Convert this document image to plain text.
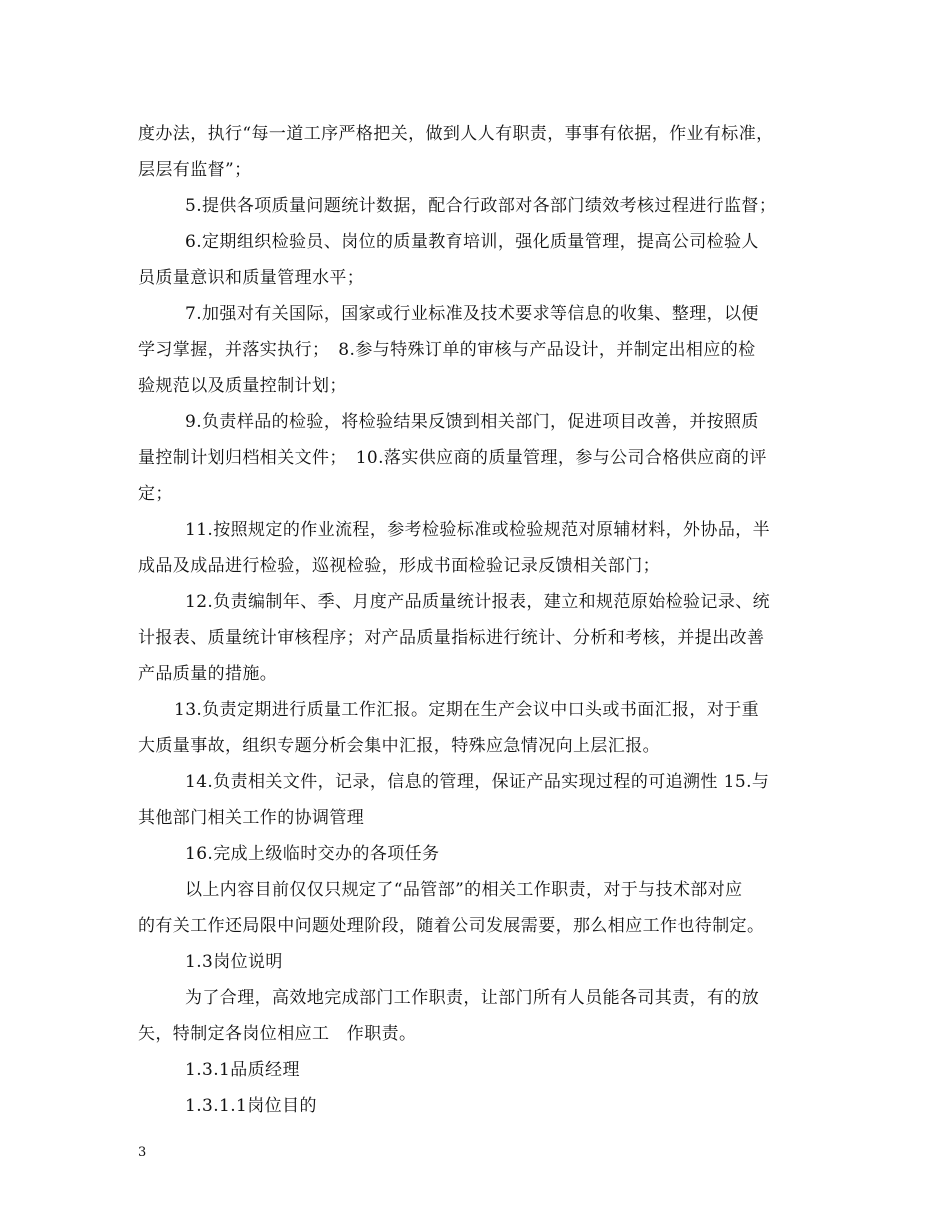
度办法，执行“每一道工序严格把关，做到人人有职责，事事有依据，作业有标准，
层层有监督”；
5.提供各项质量问题统计数据，配合行政部对各部门绩效考核过程进行监督；
6.定期组织检验员、岗位的质量教育培训，强化质量管理，提高公司检验人
员质量意识和质量管理水平；
7.加强对有关国际，国家或行业标准及技术要求等信息的收集、整理，以便
学习掌握，并落实执行；　8.参与特殊订单的审核与产品设计，并制定出相应的检
验规范以及质量控制计划；
9.负责样品的检验，将检验结果反馈到相关部门，促进项目改善，并按照质
量控制计划归档相关文件；　10.落实供应商的质量管理，参与公司合格供应商的评
定；
11.按照规定的作业流程，参考检验标准或检验规范对原辅材料，外协品，半
成品及成品进行检验，巡视检验，形成书面检验记录反馈相关部门；
12.负责编制年、季、月度产品质量统计报表，建立和规范原始检验记录、统
计报表、质量统计审核程序；对产品质量指标进行统计、分析和考核，并提出改善
产品质量的措施。
13.负责定期进行质量工作汇报。定期在生产会议中口头或书面汇报，对于重
大质量事故，组织专题分析会集中汇报，特殊应急情况向上层汇报。
14.负责相关文件，记录，信息的管理，保证产品实现过程的可追溯性 15.与
其他部门相关工作的协调管理
16.完成上级临时交办的各项任务
以上内容目前仅仅只规定了“品管部”的相关工作职责，对于与技术部对应
的有关工作还局限中问题处理阶段，随着公司发展需要，那么相应工作也待制定。
1.3岗位说明
为了合理，高效地完成部门工作职责，让部门所有人员能各司其责，有的放
矢，特制定各岗位相应工　作职责。
1.3.1品质经理
1.3.1.1岗位目的
3
